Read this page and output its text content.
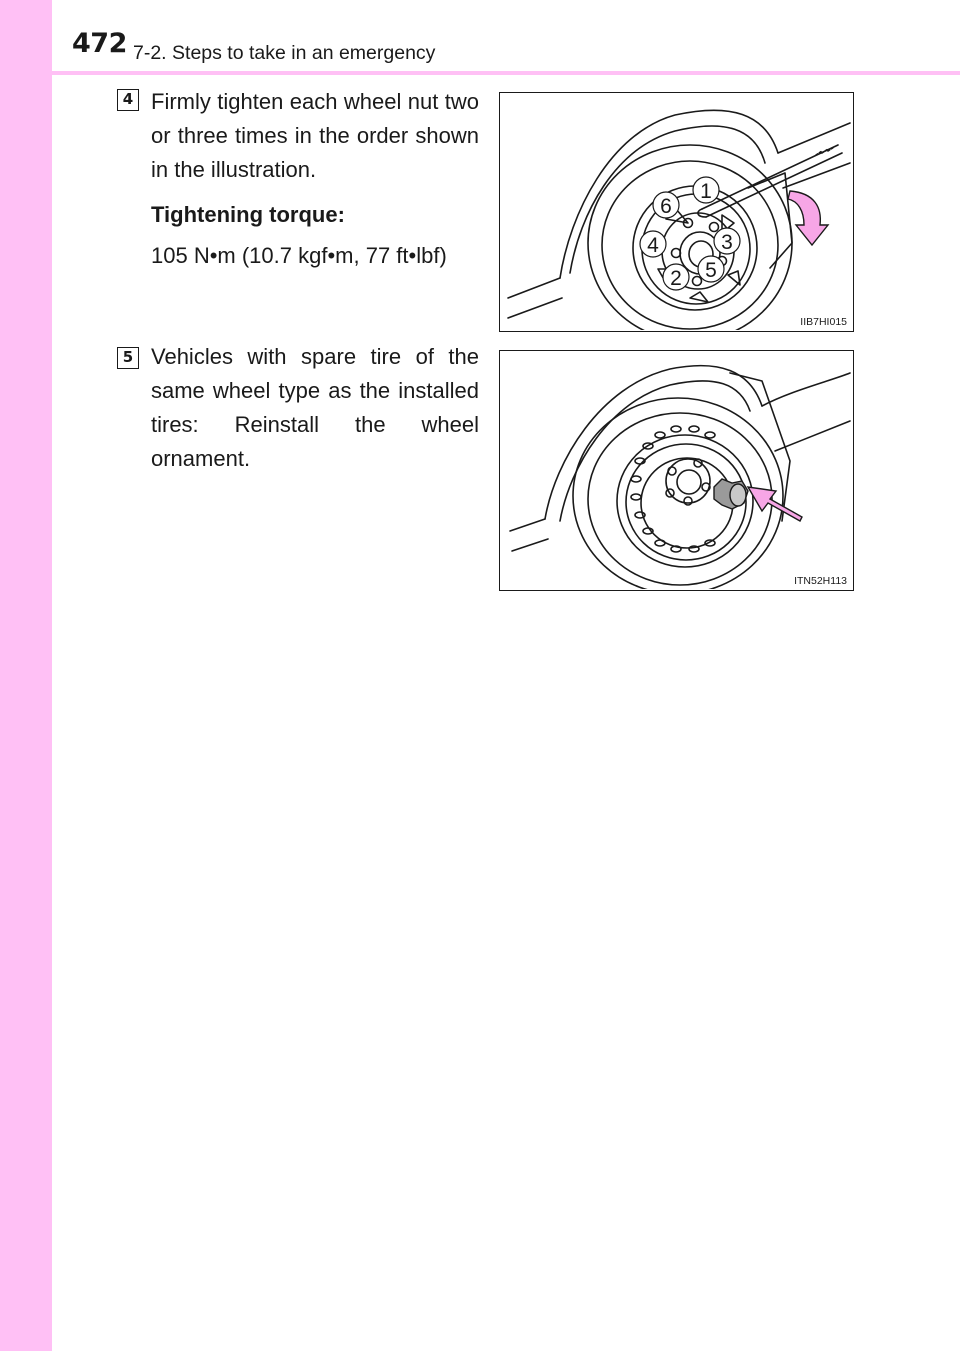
472 7-2. Steps to take in an emergency
4 Firmly tighten each wheel nut two or three times in the order shown in the illustration.

Tightening torque:

105 N•m (10.7 kgf•m, 77 ft•lbf)

1
6
3
4
5
2
IIB7HI015
5 Vehicles with spare tire of the same wheel type as the installed tires: Reinstall the wheel ornament.

ITN52H113
